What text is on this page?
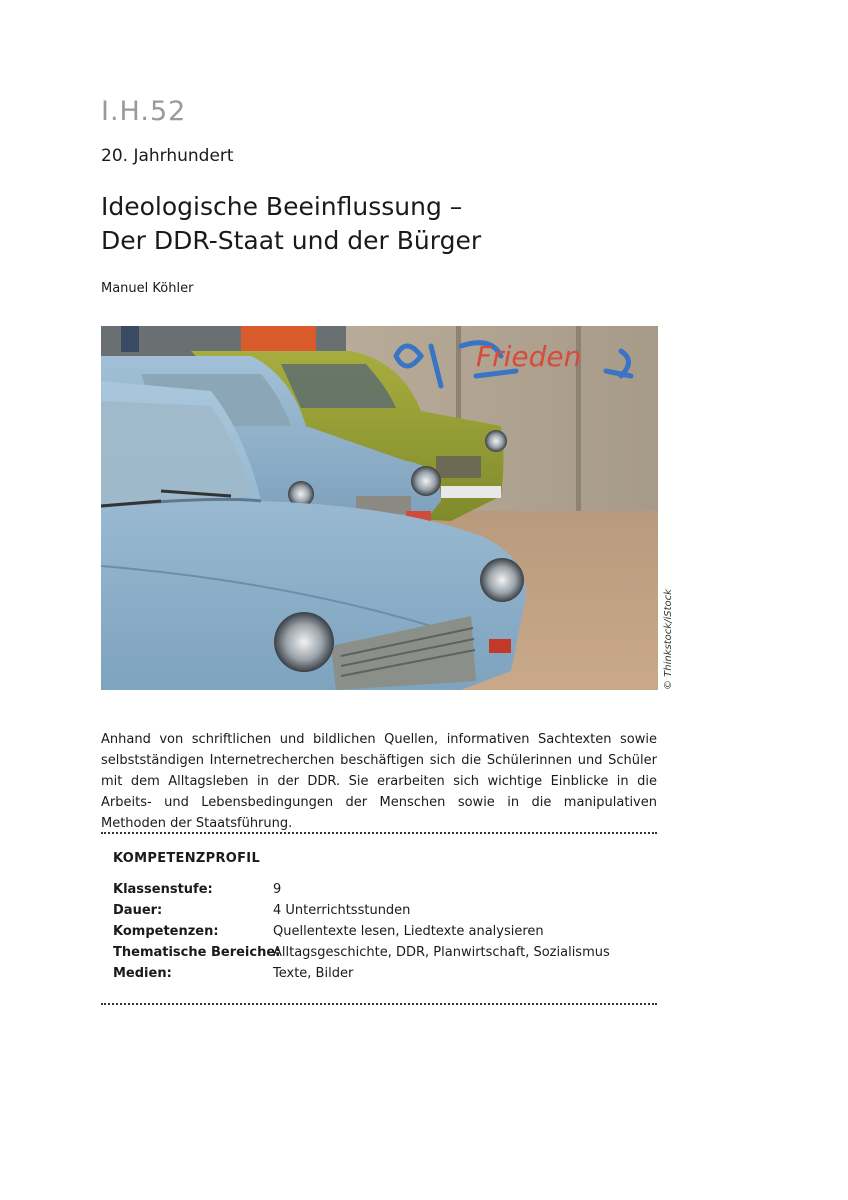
I.H.52
20. Jahrhundert
Ideologische Beeinflussung –
Der DDR-Staat und der Bürger
Manuel Köhler
Frieden
© Thinkstock/iStock
Anhand von schriftlichen und bildlichen Quellen, informativen Sachtexten sowie selbstständigen Internetrecherchen beschäftigen sich die Schülerinnen und Schüler mit dem Alltagsleben in der DDR. Sie erarbeiten sich wichtige Einblicke in die Arbeits- und Lebensbedingungen der Menschen sowie in die manipulativen Methoden der Staatsführung.
KOMPETENZPROFIL
Klassenstufe:	9
Dauer:	4 Unterrichtsstunden
Kompetenzen:	Quellentexte lesen, Liedtexte analysieren
Thematische Bereiche:
Alltagsgeschichte, DDR, Planwirtschaft, Sozialismus
Medien:	Texte, Bilder
